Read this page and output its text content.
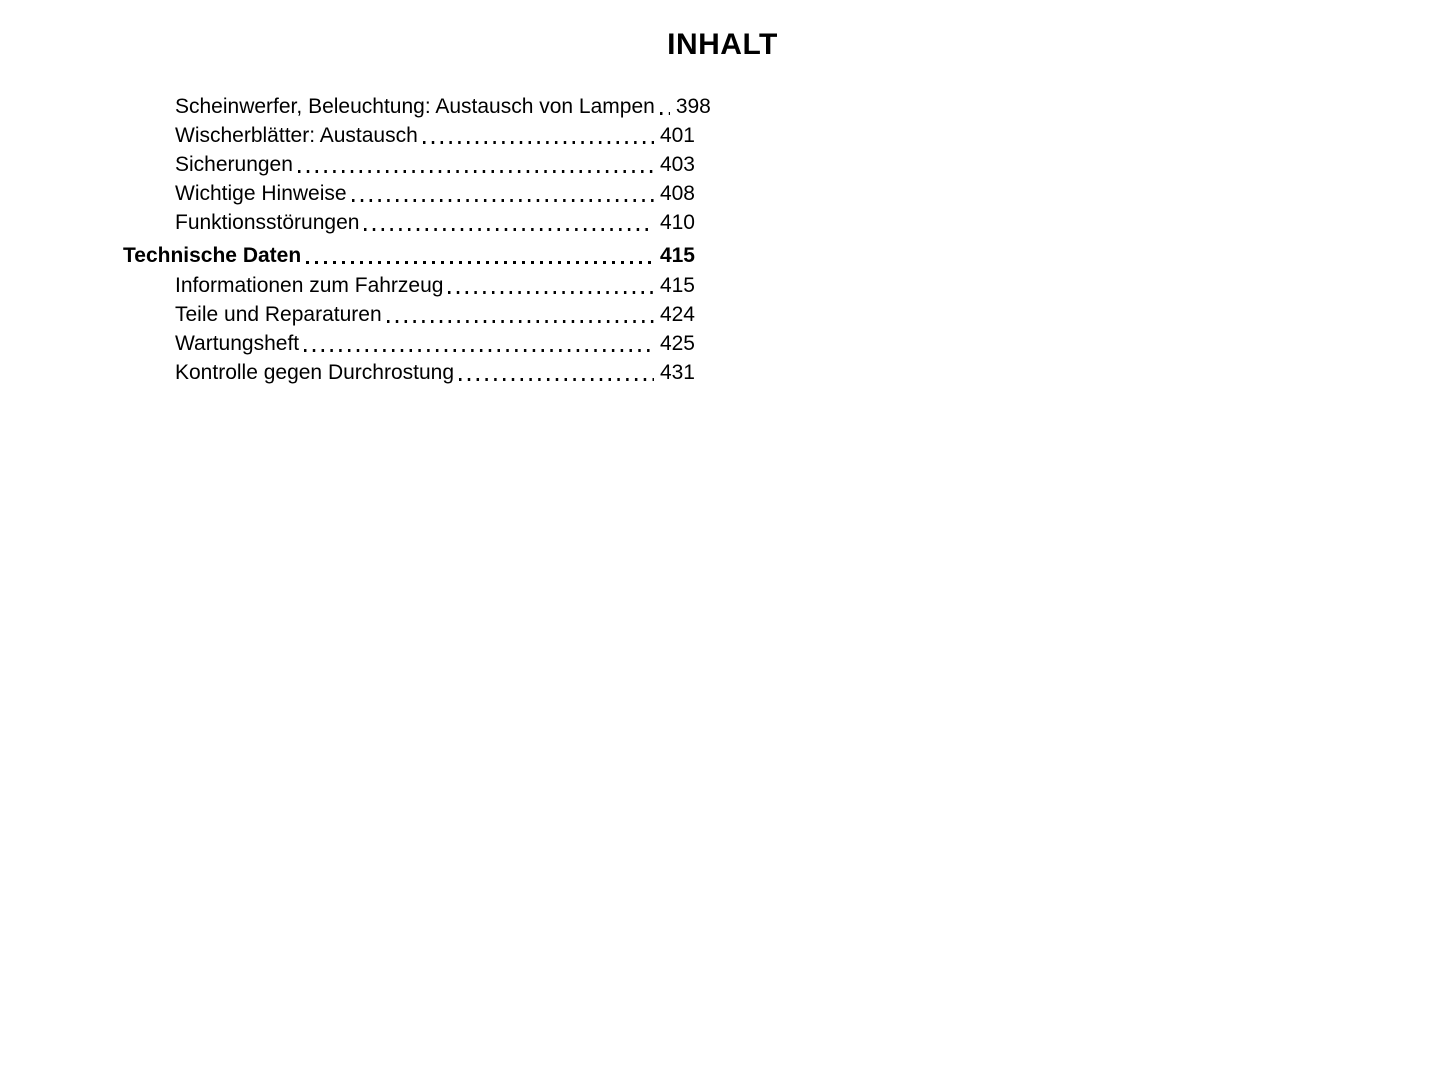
INHALT
Scheinwerfer, Beleuchtung: Austausch von Lampen 398
Wischerblätter: Austausch	401
Sicherungen	403
Wichtige Hinweise	408
Funktionsstörungen	410
Technische Daten	415
Informationen zum Fahrzeug	415
Teile und Reparaturen	424
Wartungsheft	425
Kontrolle gegen Durchrostung	431
